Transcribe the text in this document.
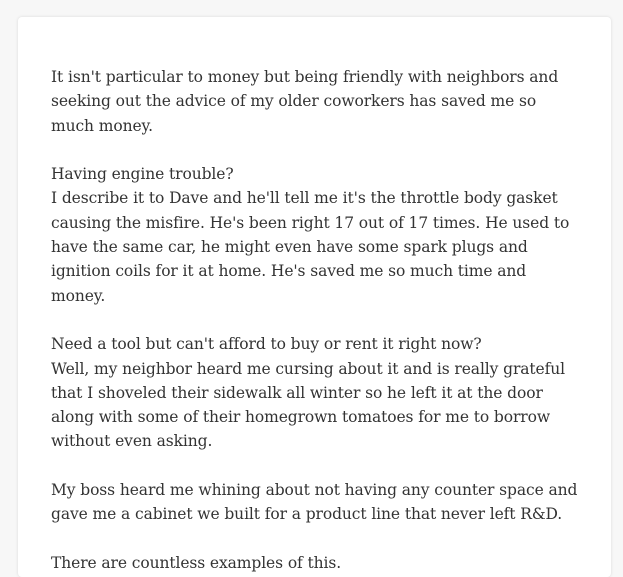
It isn't particular to money but being friendly with neighbors and seeking out the advice of my older coworkers has saved me so much money.

Having engine trouble?
I describe it to Dave and he'll tell me it's the throttle body gasket causing the misfire. He's been right 17 out of 17 times. He used to have the same car, he might even have some spark plugs and ignition coils for it at home. He's saved me so much time and money.

Need a tool but can't afford to buy or rent it right now?
Well, my neighbor heard me cursing about it and is really grateful that I shoveled their sidewalk all winter so he left it at the door along with some of their homegrown tomatoes for me to borrow without even asking.

My boss heard me whining about not having any counter space and gave me a cabinet we built for a product line that never left R&D.

There are countless examples of this.
